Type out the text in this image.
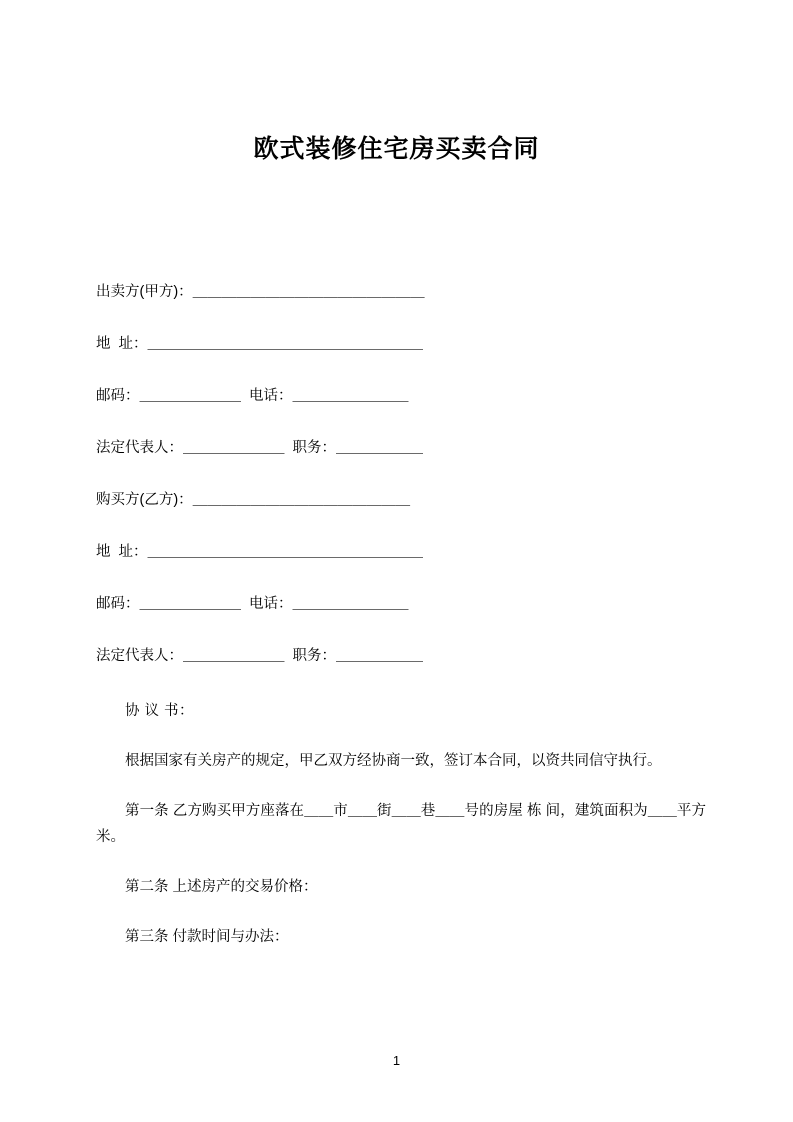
欧式装修住宅房买卖合同
出卖方(甲方)：＿＿＿＿＿＿＿＿＿＿＿＿＿＿＿＿
地  址：＿＿＿＿＿＿＿＿＿＿＿＿＿＿＿＿＿＿＿
邮码：＿＿＿＿＿＿＿  电话：＿＿＿＿＿＿＿＿
法定代表人：＿＿＿＿＿＿＿  职务：＿＿＿＿＿＿
购买方(乙方)：＿＿＿＿＿＿＿＿＿＿＿＿＿＿＿
地  址：＿＿＿＿＿＿＿＿＿＿＿＿＿＿＿＿＿＿＿
邮码：＿＿＿＿＿＿＿  电话：＿＿＿＿＿＿＿＿
法定代表人：＿＿＿＿＿＿＿  职务：＿＿＿＿＿＿
协 议 书：
根据国家有关房产的规定，甲乙双方经协商一致，签订本合同，以资共同信守执行。
第一条 乙方购买甲方座落在＿＿市＿＿街＿＿巷＿＿号的房屋 栋 间，建筑面积为＿＿平方米。
第二条 上述房产的交易价格：
第三条 付款时间与办法：
1
